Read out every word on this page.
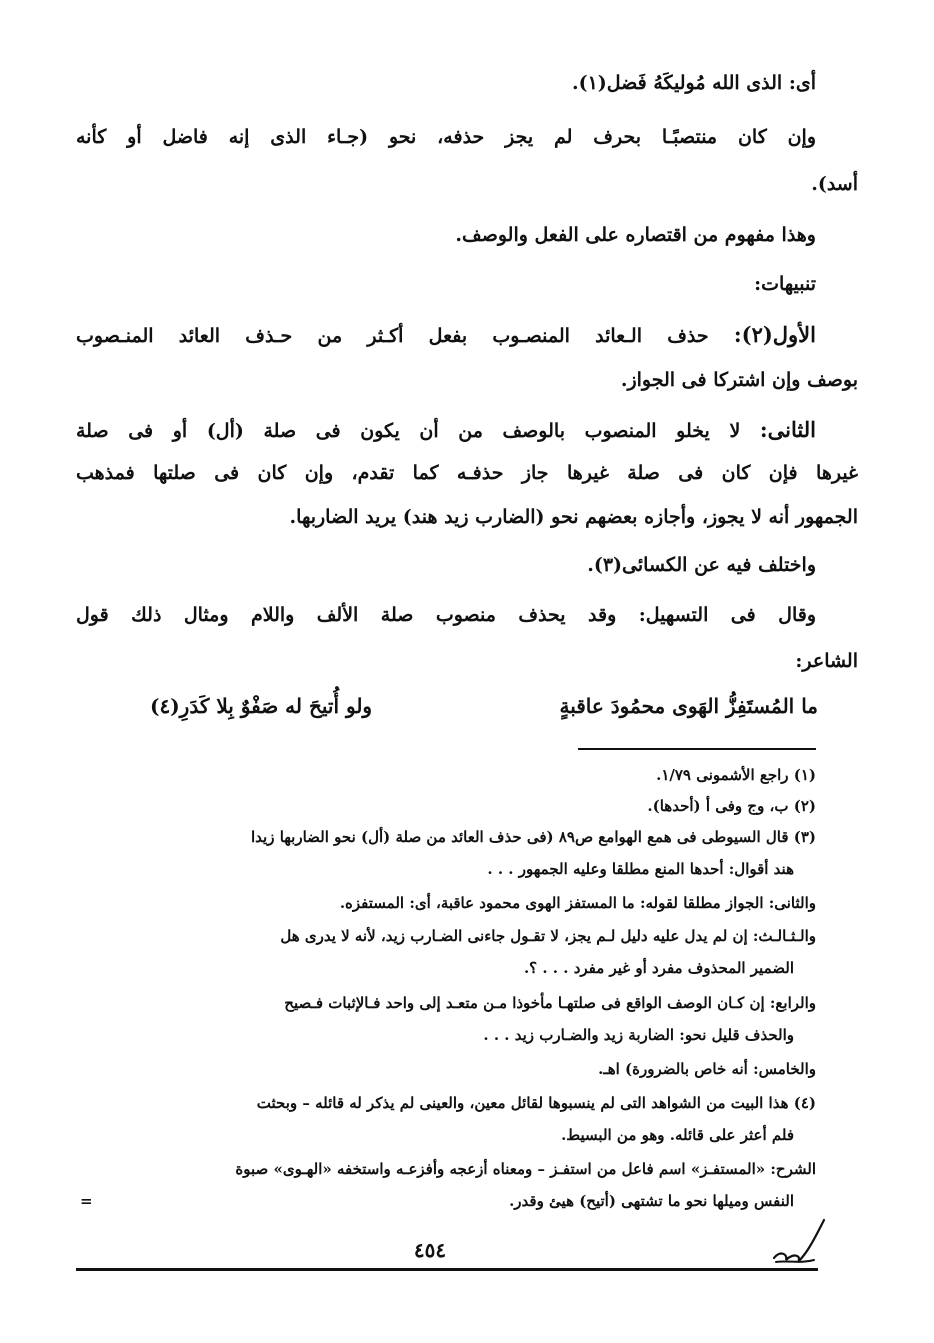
أى: الذى الله مُوليكَهُ فَضل(١).
وإن كان منتصبًـا بحرف لم يجز حذفه، نحو (جـاء الذى إنه فاضل أو كأنه
أسد).
وهذا مفهوم من اقتصاره على الفعل والوصف.
تنبيهات:
الأول(٢): حذف الـعائد المنصـوب بفعل أكـثر من حـذف العائد المنـصوب
بوصف وإن اشتركا فى الجواز.
الثانى: لا يخلو المنصوب بالوصف من أن يكون فى صلة (أل) أو فى صلة
غيرها فإن كان فى صلة غيرها جاز حذفـه كما تقدم، وإن كان فى صلتها فمذهب
الجمهور أنه لا يجوز، وأجازه بعضهم نحو (الضارب زيد هند) يريد الضاربها.
واختلف فيه عن الكسائى(٣).
وقال فى التسهيل: وقد يحذف منصوب صلة الألف واللام ومثال ذلك قول
الشاعر:
ما المُستَفِزُّ الهَوى محمُودَ عاقبةٍ
ولو أُتيحَ له صَفْوٌ بِلا كَدَرِ(٤)
(١) راجع الأشمونى ١/٧٩.
(٢) ب، وج وفى أ (أحدها).
(٣) قال السيوطى فى همع الهوامع ص٨٩ (فى حذف العائد من صلة (أل) نحو الضاربها زيدا
هند أقوال: أحدها المنع مطلقا وعليه الجمهور . . .
والثانى: الجواز مطلقا لقوله: ما المستفز الهوى محمود عاقبة، أى: المستفزه.
والـثـالـث: إن لم يدل عليه دليل لـم يجز، لا تقـول جاءنى الضـارب زيد، لأنه لا يدرى هل
الضمير المحذوف مفرد أو غير مفرد . . . ؟.
والرابع: إن كـان الوصف الواقع فى صلتهـا مأخوذا مـن متعـد إلى واحد فـالإثبات فـصيح
والحذف قليل نحو: الضاربة زيد والضـارب زيد . . .
والخامس: أنه خاص بالضرورة) اهـ.
(٤) هذا البيت من الشواهد التى لم ينسبوها لقائل معين، والعينى لم يذكر له قائله – وبحثت
فلم أعثر على قائله. وهو من البسيط.
الشرح: «المستفـز» اسم فاعل من استفـز – ومعناه أزعجه وأفزعـه واستخفه «الهـوى» صبوة
النفس وميلها نحو ما تشتهى (أتيح) هيئ وقدر.
=
٤٥٤
